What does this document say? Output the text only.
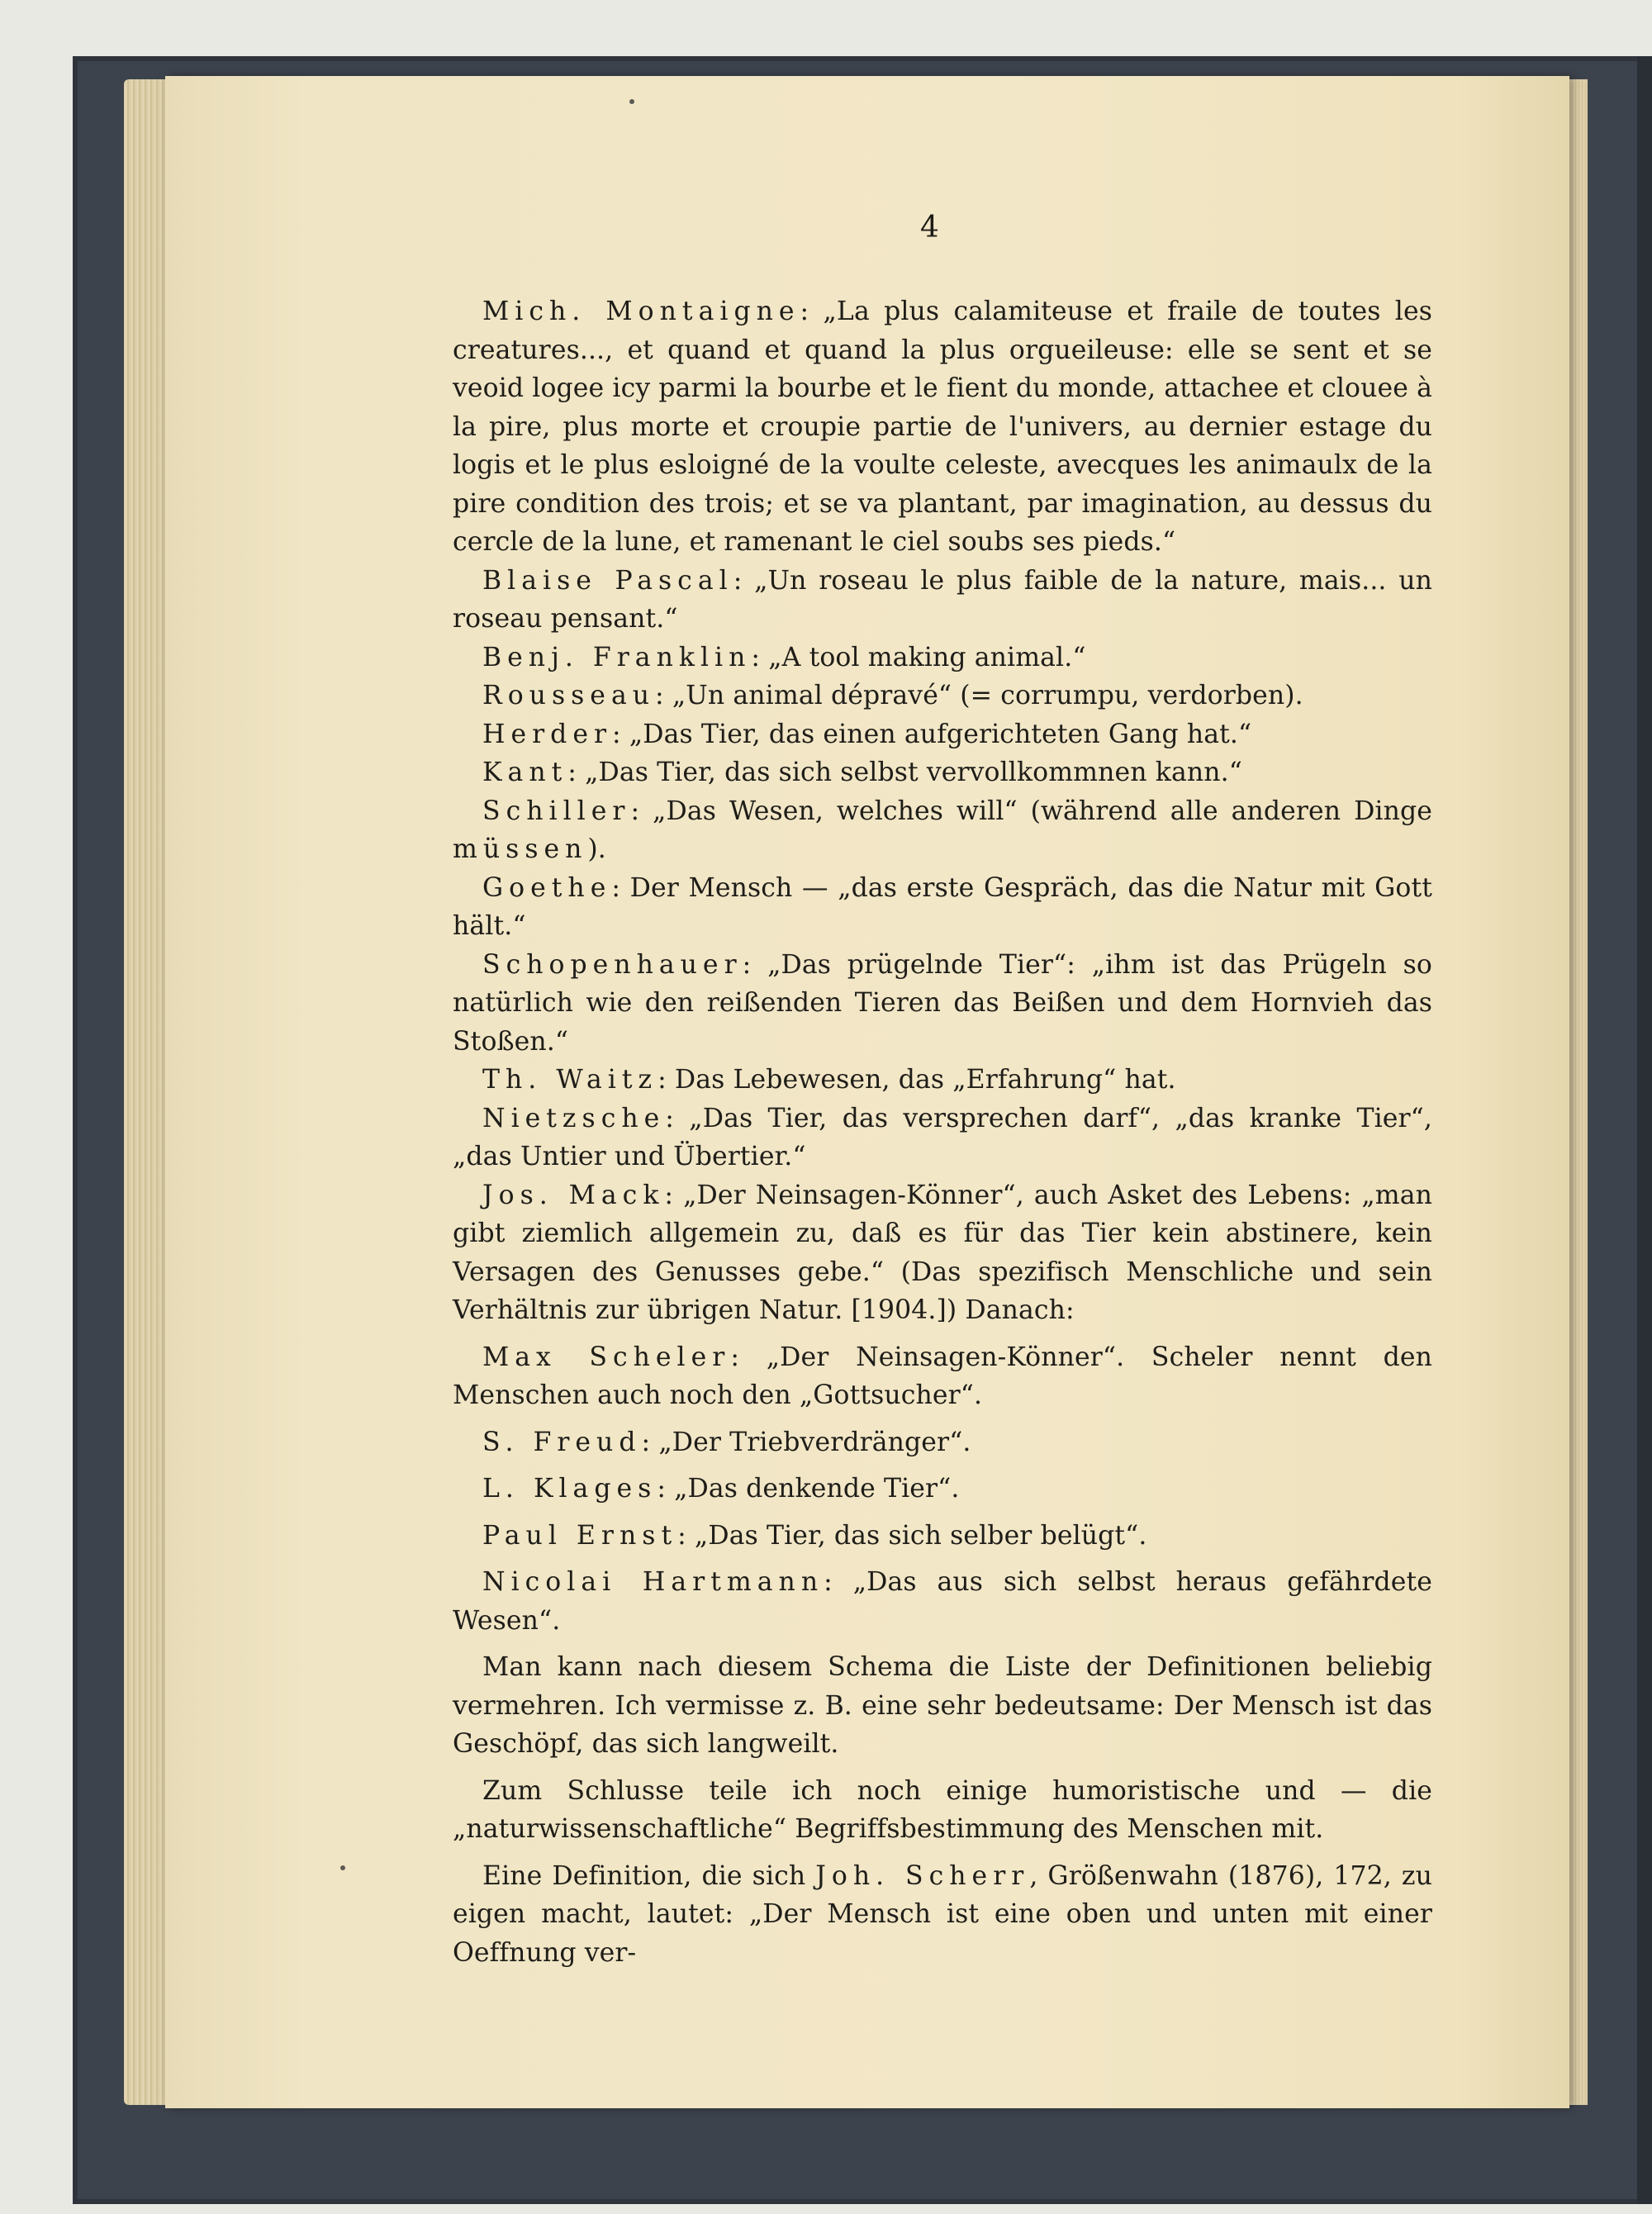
4

Mich. Montaigne: „La plus calamiteuse et fraile de toutes les creatures..., et quand et quand la plus orgueileuse: elle se sent et se veoid logee icy parmi la bourbe et le fient du monde, attachee et clouee à la pire, plus morte et croupie partie de l'univers, au dernier estage du logis et le plus esloigné de la voulte celeste, avecques les animaulx de la pire condition des trois; et se va plantant, par imagination, au dessus du cercle de la lune, et ramenant le ciel soubs ses pieds.“

Blaise Pascal: „Un roseau le plus faible de la nature, mais... un roseau pensant.“

Benj. Franklin: „A tool making animal.“

Rousseau: „Un animal dépravé“ (= corrumpu, verdorben).

Herder: „Das Tier, das einen aufgerichteten Gang hat.“

Kant: „Das Tier, das sich selbst vervollkommnen kann.“

Schiller: „Das Wesen, welches will“ (während alle anderen Dinge müssen).

Goethe: Der Mensch — „das erste Gespräch, das die Natur mit Gott hält.“

Schopenhauer: „Das prügelnde Tier“: „ihm ist das Prügeln so natürlich wie den reißenden Tieren das Beißen und dem Hornvieh das Stoßen.“

Th. Waitz: Das Lebewesen, das „Erfahrung“ hat.

Nietzsche: „Das Tier, das versprechen darf“, „das kranke Tier“, „das Untier und Übertier.“

Jos. Mack: „Der Neinsagen-Könner“, auch Asket des Lebens: „man gibt ziemlich allgemein zu, daß es für das Tier kein abstinere, kein Versagen des Genusses gebe.“ (Das spezifisch Menschliche und sein Verhältnis zur übrigen Natur. [1904.]) Danach:

Max Scheler: „Der Neinsagen-Könner“. Scheler nennt den Menschen auch noch den „Gottsucher“.

S. Freud: „Der Triebverdränger“.

L. Klages: „Das denkende Tier“.

Paul Ernst: „Das Tier, das sich selber belügt“.

Nicolai Hartmann: „Das aus sich selbst heraus gefährdete Wesen“.

Man kann nach diesem Schema die Liste der Definitionen beliebig vermehren. Ich vermisse z. B. eine sehr bedeutsame: Der Mensch ist das Geschöpf, das sich langweilt.

Zum Schlusse teile ich noch einige humoristische und — die „naturwissenschaftliche“ Begriffsbestimmung des Menschen mit.

Eine Definition, die sich Joh. Scherr, Größenwahn (1876), 172, zu eigen macht, lautet: „Der Mensch ist eine oben und unten mit einer Oeffnung ver-
